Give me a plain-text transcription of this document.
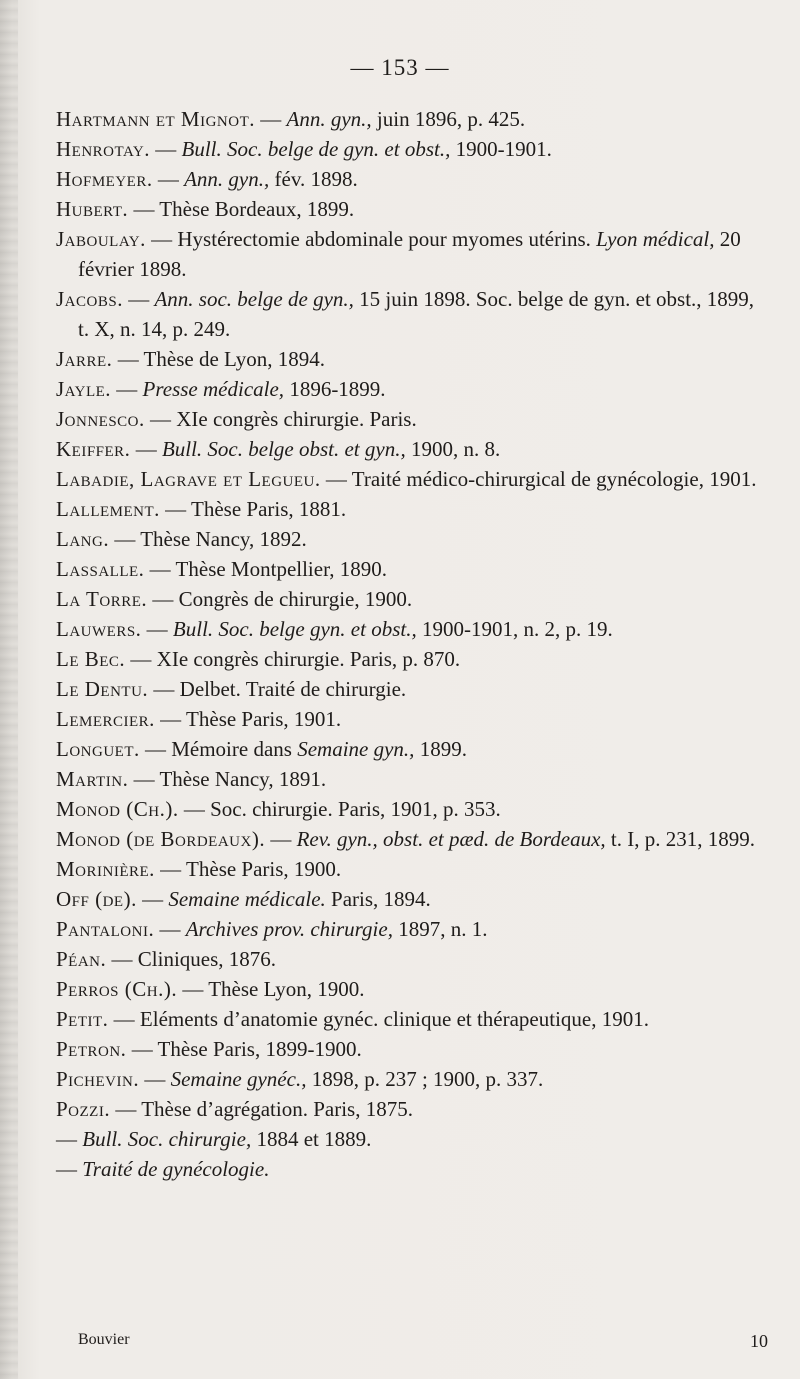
— 153 —
Hartmann et Mignot. — Ann. gyn., juin 1896, p. 425.
Henrotay. — Bull. Soc. belge de gyn. et obst., 1900-1901.
Hofmeyer. — Ann. gyn., fév. 1898.
Hubert. — Thèse Bordeaux, 1899.
Jaboulay. — Hystérectomie abdominale pour myomes utérins. Lyon médical, 20 février 1898.
Jacobs. — Ann. soc. belge de gyn., 15 juin 1898. Soc. belge de gyn. et obst., 1899, t. X, n. 14, p. 249.
Jarre. — Thèse de Lyon, 1894.
Jayle. — Presse médicale, 1896-1899.
Jonnesco. — XIe congrès chirurgie. Paris.
Keiffer. — Bull. Soc. belge obst. et gyn., 1900, n. 8.
Labadie, Lagrave et Legueu. — Traité médico-chirurgical de gynécologie, 1901.
Lallement. — Thèse Paris, 1881.
Lang. — Thèse Nancy, 1892.
Lassalle. — Thèse Montpellier, 1890.
La Torre. — Congrès de chirurgie, 1900.
Lauwers. — Bull. Soc. belge gyn. et obst., 1900-1901, n. 2, p. 19.
Le Bec. — XIe congrès chirurgie. Paris, p. 870.
Le Dentu. — Delbet. Traité de chirurgie.
Lemercier. — Thèse Paris, 1901.
Longuet. — Mémoire dans Semaine gyn., 1899.
Martin. — Thèse Nancy, 1891.
Monod (Ch.). — Soc. chirurgie. Paris, 1901, p. 353.
Monod (de Bordeaux). — Rev. gyn., obst. et pæd. de Bordeaux, t. I, p. 231, 1899.
Morinière. — Thèse Paris, 1900.
Off (de). — Semaine médicale. Paris, 1894.
Pantaloni. — Archives prov. chirurgie, 1897, n. 1.
Péan. — Cliniques, 1876.
Perros (Ch.). — Thèse Lyon, 1900.
Petit. — Eléments d’anatomie gynéc. clinique et thérapeutique, 1901.
Petron. — Thèse Paris, 1899-1900.
Pichevin. — Semaine gynéc., 1898, p. 237 ; 1900, p. 337.
Pozzi. — Thèse d’agrégation. Paris, 1875.
— Bull. Soc. chirurgie, 1884 et 1889.
— Traité de gynécologie.
Bouvier	10
